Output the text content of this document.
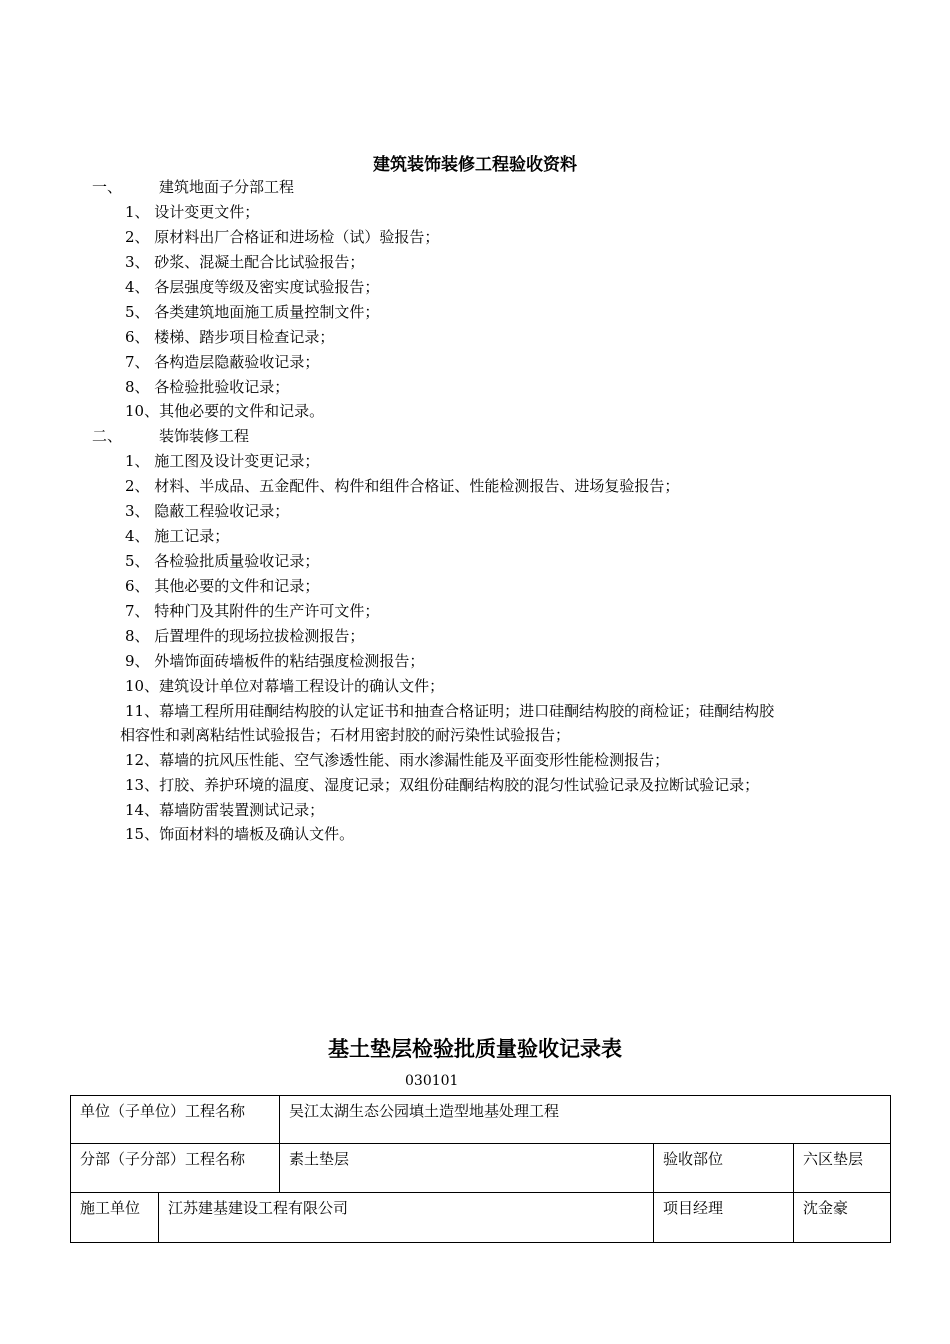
建筑装饰装修工程验收资料
一、 建筑地面子分部工程
1、 设计变更文件；
2、 原材料出厂合格证和进场检（试）验报告；
3、 砂浆、混凝土配合比试验报告；
4、 各层强度等级及密实度试验报告；
5、 各类建筑地面施工质量控制文件；
6、 楼梯、踏步项目检查记录；
7、 各构造层隐蔽验收记录；
8、 各检验批验收记录；
10、其他必要的文件和记录。
二、 装饰装修工程
1、 施工图及设计变更记录；
2、 材料、半成品、五金配件、构件和组件合格证、性能检测报告、进场复验报告；
3、 隐蔽工程验收记录；
4、 施工记录；
5、 各检验批质量验收记录；
6、 其他必要的文件和记录；
7、 特种门及其附件的生产许可文件；
8、 后置埋件的现场拉拔检测报告；
9、 外墙饰面砖墙板件的粘结强度检测报告；
10、建筑设计单位对幕墙工程设计的确认文件；
11、幕墙工程所用硅酮结构胶的认定证书和抽查合格证明；进口硅酮结构胶的商检证；硅酮结构胶
相容性和剥离粘结性试验报告；石材用密封胶的耐污染性试验报告；
12、幕墙的抗风压性能、空气渗透性能、雨水渗漏性能及平面变形性能检测报告；
13、打胶、养护环境的温度、湿度记录；双组份硅酮结构胶的混匀性试验记录及拉断试验记录；
14、幕墙防雷装置测试记录；
15、饰面材料的墙板及确认文件。
基土垫层检验批质量验收记录表
030101
单位（子单位）工程名称		吴江太湖生态公园填土造型地基处理工程		
分部（子分部）工程名称		素土垫层	验收部位	六区垫层
施工单位	江苏建基建设工程有限公司		项目经理	沈金豪
